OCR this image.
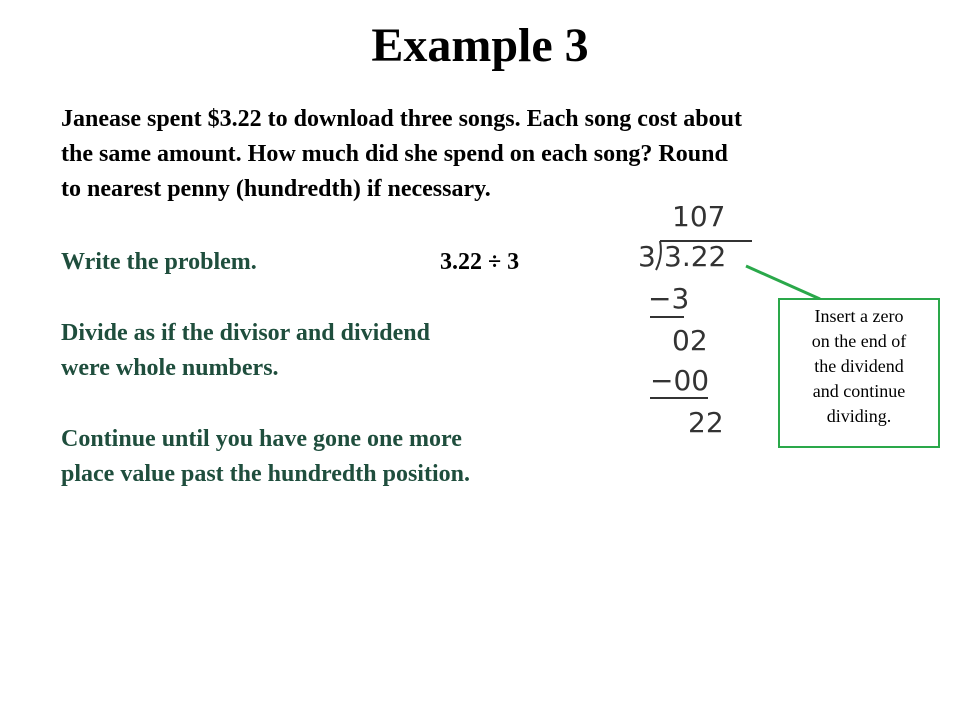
Example 3
Janease spent $3.22 to download three songs. Each song cost about
the same amount. How much did she spend on each song? Round
to nearest penny (hundredth) if necessary.
Write the problem.	3.22 ÷ 3
Divide as if the divisor and dividend
were whole numbers.
Continue until you have gone one more
place value past the hundredth position.
107
3 3.22
−3
02
−00
22
Insert a zero
on the end of
the dividend
and continue
dividing.
